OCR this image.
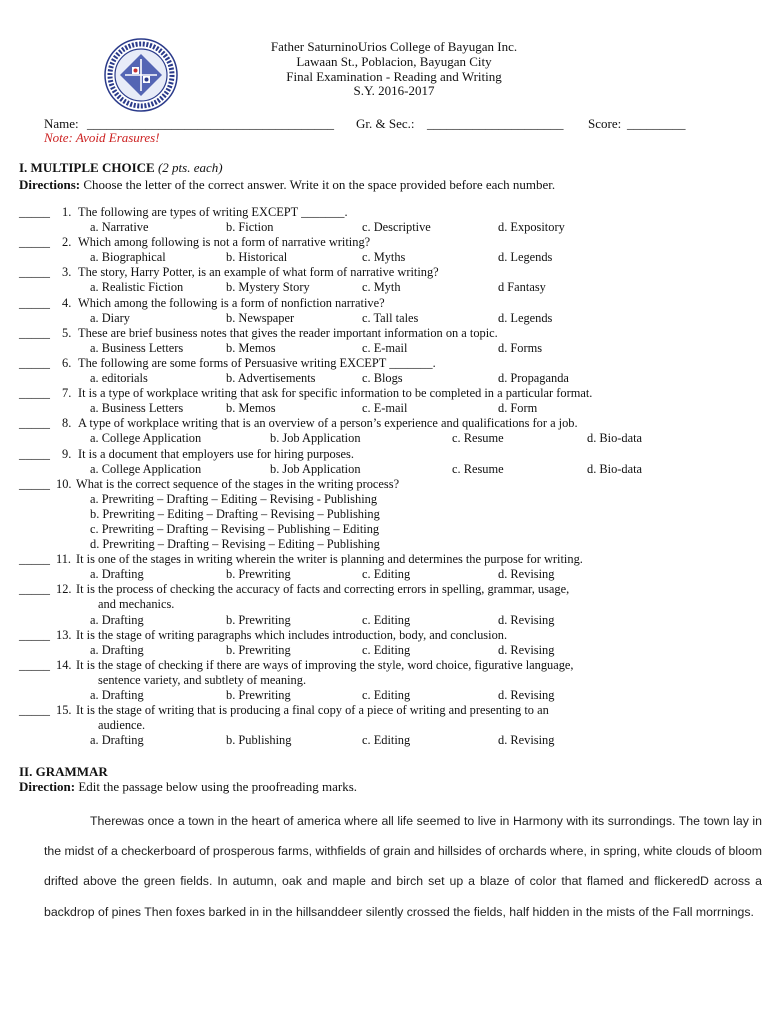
Father SaturninoUrios College of Bayugan Inc.
Lawaan St., Poblacion, Bayugan City
Final Examination - Reading and Writing
S.Y. 2016-2017
Name: ______________________________________ Gr. & Sec.: _____________________ Score: _________
Note: Avoid Erasures!
I. MULTIPLE CHOICE (2 pts. each)
Directions: Choose the letter of the correct answer. Write it on the space provided before each number.
_____ 1. The following are types of writing EXCEPT _______.
a. Narrative	b. Fiction	c. Descriptive	d. Expository
_____ 2. Which among following is not a form of narrative writing?
a. Biographical	b. Historical	c. Myths	d. Legends
_____ 3. The story, Harry Potter, is an example of what form of narrative writing?
a. Realistic Fiction	b. Mystery Story	c. Myth	d Fantasy
_____ 4. Which among the following is a form of nonfiction narrative?
a. Diary	b. Newspaper	c. Tall tales	d. Legends
_____ 5. These are brief business notes that gives the reader important information on a topic.
a. Business Letters	b. Memos	c. E-mail	d. Forms
_____ 6. The following are some forms of Persuasive writing EXCEPT _______.
a. editorials	b. Advertisements	c. Blogs	d. Propaganda
_____ 7. It is a type of workplace writing that ask for specific information to be completed in a particular format.
a. Business Letters	b. Memos	c. E-mail	d. Form
_____ 8. A type of workplace writing that is an overview of a person’s experience and qualifications for a job.
a. College Application	b. Job Application	c. Resume	d. Bio-data
_____ 9. It is a document that employers use for hiring purposes.
a. College Application	b. Job Application	c. Resume	d. Bio-data
_____ 10. What is the correct sequence of the stages in the writing process?
a. Prewriting – Drafting – Editing – Revising - Publishing
b. Prewriting – Editing – Drafting – Revising – Publishing
c. Prewriting – Drafting – Revising – Publishing – Editing
d. Prewriting – Drafting – Revising – Editing – Publishing
_____ 11. It is one of the stages in writing wherein the writer is planning and determines the purpose for writing.
a. Drafting	b. Prewriting	c. Editing	d. Revising
_____ 12. It is the process of checking the accuracy of facts and correcting errors in spelling, grammar, usage,
and mechanics.
a. Drafting	b. Prewriting	c. Editing	d. Revising
_____ 13. It is the stage of writing paragraphs which includes introduction, body, and conclusion.
a. Drafting	b. Prewriting	c. Editing	d. Revising
_____ 14. It is the stage of checking if there are ways of improving the style, word choice, figurative language,
sentence variety, and subtlety of meaning.
a. Drafting	b. Prewriting	c. Editing	d. Revising
_____ 15. It is the stage of writing that is producing a final copy of a piece of writing and presenting to an
audience.
a. Drafting	b. Publishing	c. Editing	d. Revising
II. GRAMMAR
Direction: Edit the passage below using the proofreading marks.

Therewas once a town in the heart of america where all life seemed to live in Harmony with its surrondings. The town lay in the midst of a checkerboard of prosperous farms, withfields of grain and hillsides of orchards where, in spring, white clouds of bloom drifted above the green fields. In autumn, oak and maple and birch set up a blaze of color that flamed and flickeredD across a backdrop of pines Then foxes barked in in the hillsanddeer silently crossed the fields, half hidden in the mists of the Fall morrnings.
